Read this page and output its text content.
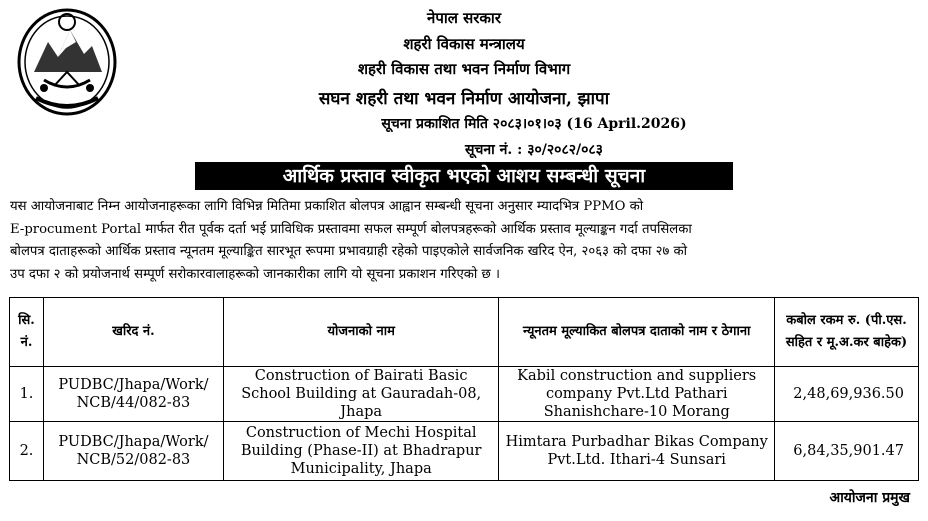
नेपाल सरकार
शहरी विकास मन्त्रालय
शहरी विकास तथा भवन निर्माण विभाग
सघन शहरी तथा भवन निर्माण आयोजना, झापा
सूचना प्रकाशित मिति २०८३।०१।०३ (16 April.2026)
सूचना नं. : ३०/२०८२/०८३
आर्थिक प्रस्ताव स्वीकृत भएको आशय सम्बन्धी सूचना
यस आयोजनाबाट निम्न आयोजनाहरूका लागि विभिन्न मितिमा प्रकाशित बोलपत्र आह्वान सम्बन्धी सूचना अनुसार म्यादभित्र PPMO को
E-procument Portal मार्फत रीत पूर्वक दर्ता भई प्राविधिक प्रस्तावमा सफल सम्पूर्ण बोलपत्रहरूको आर्थिक प्रस्ताव मूल्याङ्कन गर्दा तपसिलका
बोलपत्र दाताहरूको आर्थिक प्रस्ताव न्यूनतम मूल्याङ्कित सारभूत रूपमा प्रभावग्राही रहेको पाइएकोले सार्वजनिक खरिद ऐन, २०६३ को दफा २७ को
उप दफा २ को प्रयोजनार्थ सम्पूर्ण सरोकारवालाहरूको जानकारीका लागि यो सूचना प्रकाशन गरिएको छ ।
सि. नं.	खरिद नं.	योजनाको नाम	न्यूनतम मूल्याकित बोलपत्र दाताको नाम र ठेगाना	कबोल रकम रु. (पी.एस. सहित र मू.अ.कर बाहेक)
1.	PUDBC/Jhapa/Work/ NCB/44/082-83	Construction of Bairati Basic School Building at Gauradah-08, Jhapa	Kabil construction and suppliers company Pvt.Ltd Pathari Shanishchare-10 Morang	2,48,69,936.50
2.	PUDBC/Jhapa/Work/ NCB/52/082-83	Construction of Mechi Hospital Building (Phase-II) at Bhadrapur Municipality, Jhapa	Himtara Purbadhar Bikas Company Pvt.Ltd. Ithari-4 Sunsari	6,84,35,901.47
आयोजना प्रमुख
